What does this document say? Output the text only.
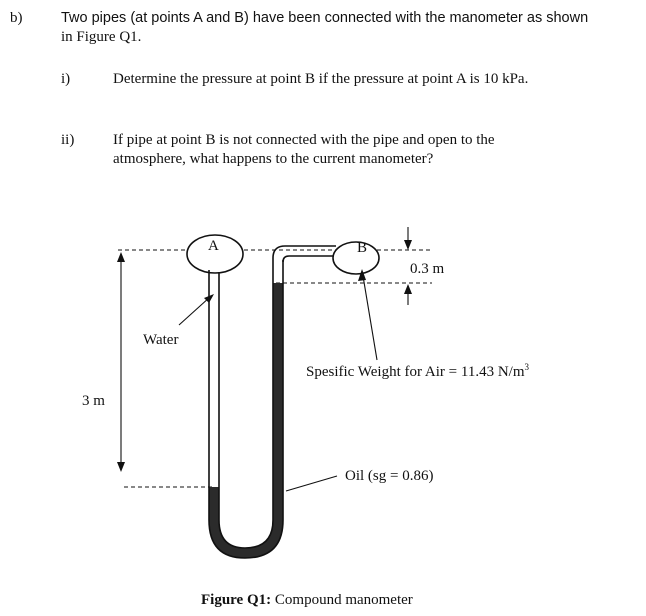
b)	Two pipes (at points A and B) have been connected with the manometer as shown
in Figure Q1.
i)	Determine the pressure at point B if the pressure at point A is 10 kPa.
ii)	If pipe at point B is not connected with the pipe and open to the
atmosphere, what happens to the current manometer?
A	B
0.3 m
3 m
Water
Spesific Weight for Air = 11.43 $N/m^3$
Oil (sg = 0.86)
Figure Q1: Compound manometer
